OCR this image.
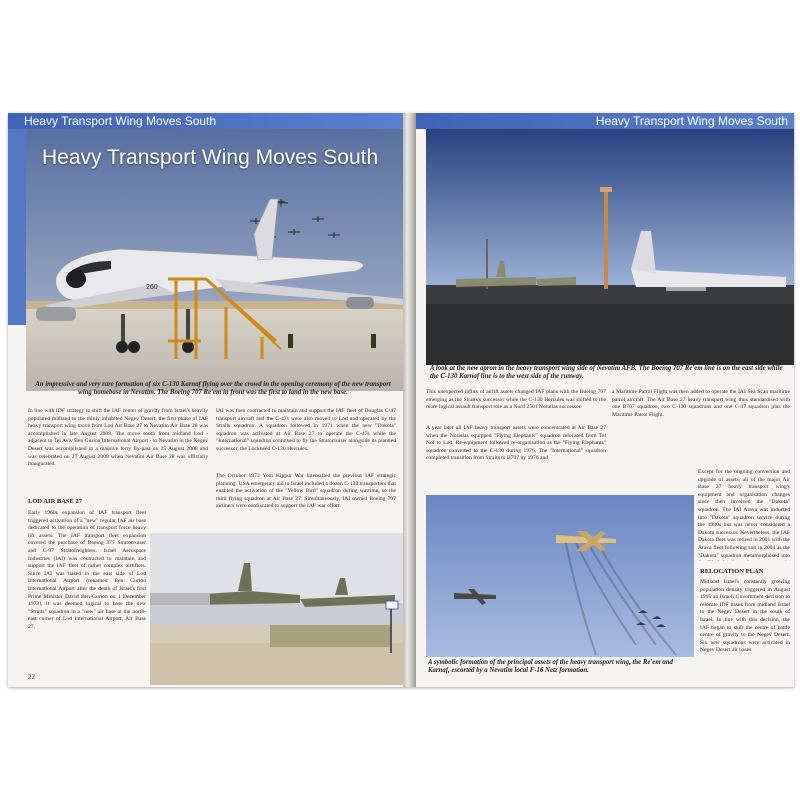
Heavy Transport Wing Moves South
260
Heavy Transport Wing Moves South
An impressive and very rare formation of six C-130 Karnaf flying over the crowd in the opening ceremony of the new transport wing homebase in Nevatim. The Boeing 707 Re'em in front was the first to land in the new base.
In line with IDF strategy to shift the IAF center of gravity from Israel's heavily populated midland to the thinly inhabited Negev Desert, the first phase of IAF heavy transport wing move from Lod Air Base 27 to Nevatim Air Base 28 was accomplished in late August 2008. The move south from midland Lod - adjacent to Tel Aviv Ben Gurion International Airport - to Nevatim in the Negev Desert was accomplished in a massive ferry fly-past on 25 August 2008 and was celebrated on 27 August 2008 when Nevatim Air Base 28 was officially inaugurated.
IAI was then contracted to maintain and support the IAF fleet of Douglas C-47 transport aircraft and the C-47s were also moved to Lod and operated by the Straits squadron. A squadron followed in 1971 when the new "Dakota" squadron was activated at Air Base 27 to operate the C-47s while the "International" squadron continued to fly the Stratocruiser alongside its planned successor, the Lockheed C-130 Hercules.
The October 1973 Yom Kippur War intensified the previous IAF strategic planning. USA emergency aid to Israel included a dozen C-130 transporters that enabled the activation of the "Yellow Bird" squadron during wartime, so the third flying squadron at Air Base 27. Simultaneously, IAI owned Boeing 707 airliners were confiscated to support the IAF war effort.
LOD AIR BASE 27
Early 1960s expansion of IAF transport fleet triggered activation of a "new" regular IAF air base dedicated to the operation of transport force heavy lift assets. The IAF transport fleet expansion covered the purchase of Boeing 377 Stratocruiser and C-97 Stratofreighters. Israel Aerospace Industries (IAI) was contracted to maintain and support the IAF fleet of rather complex airlifters. Since IAI was based in the east side of Lod International Airport (renamed Ben Gurion International Airport after the death of Israel's first Prime Minister David Ben-Gurion on 1 December 1973), it was deemed logical to base the new "Straits" squadron in a "new" air base at the north-east corner of Lod International Airport, Air Base 27.
22
Heavy Transport Wing Moves South
A look at the new apron in the heavy transport wing side of Nevatim AFB. The Boeing 707 Re'em line is on the east side while the C-130 Karnaf line is to the west side of the runway.
This unexpected influx of airlift assets changed IAF plans with the Boeing 707 emerging as the Straits's successor while the C-130 Hercules was shifted to the more logical assault transport role as a Nord 2501 Noratlas successor.
A year later all IAF heavy transport assets were concentrated at Air Base 27 when the Noratlas equipped "Flying Elephants" squadron relocated from Tel Nof to Lod. Re-equipment followed re-organisation as the "Flying Elephants" squadron converted to the C-130 during 1976. The "International" squadron completed transition from Straits to B707 by 1976 and
a Maritime Patrol Flight was then added to operate the IAI Sea Scan maritime patrol aircraft. The Air Base 27 heavy transport wing thus standardised with one B707 squadron, two C-130 squadrons and one C-47 squadron plus the Maritime Patrol Flight.
Except for the ongoing conversion and upgrade of assets, all of the major Air Base 27 heavy transport wing's equipment and organisation changes since then involved the "Dakota" squadron. The IAI Arava was inducted into "Dakota" squadron service during the 1980s but was never considered a Dakota successor. Nevertheless, the IAF Dakota fleet was retired in 2001 with the Arava fleet following suit in 2004 as the "Dakota" squadron metamorphosed into
RELOCATION PLAN
Midland Israel's constantly growing population density triggered in August 1995 an Israeli Government decision to relocate IDF bases from midland Israel to the Negev Desert in the south of Israel. In line with this decision, the IAF began to shift the centre of battle centre of gravity to the Negev Desert. Six new squadrons were activated in Negev Desert air bases
A symbolic formation of the principal assets of the heavy transport wing, the Re'em and Karnaf, escorted by a Nevatim local F-16 Netz formation.
